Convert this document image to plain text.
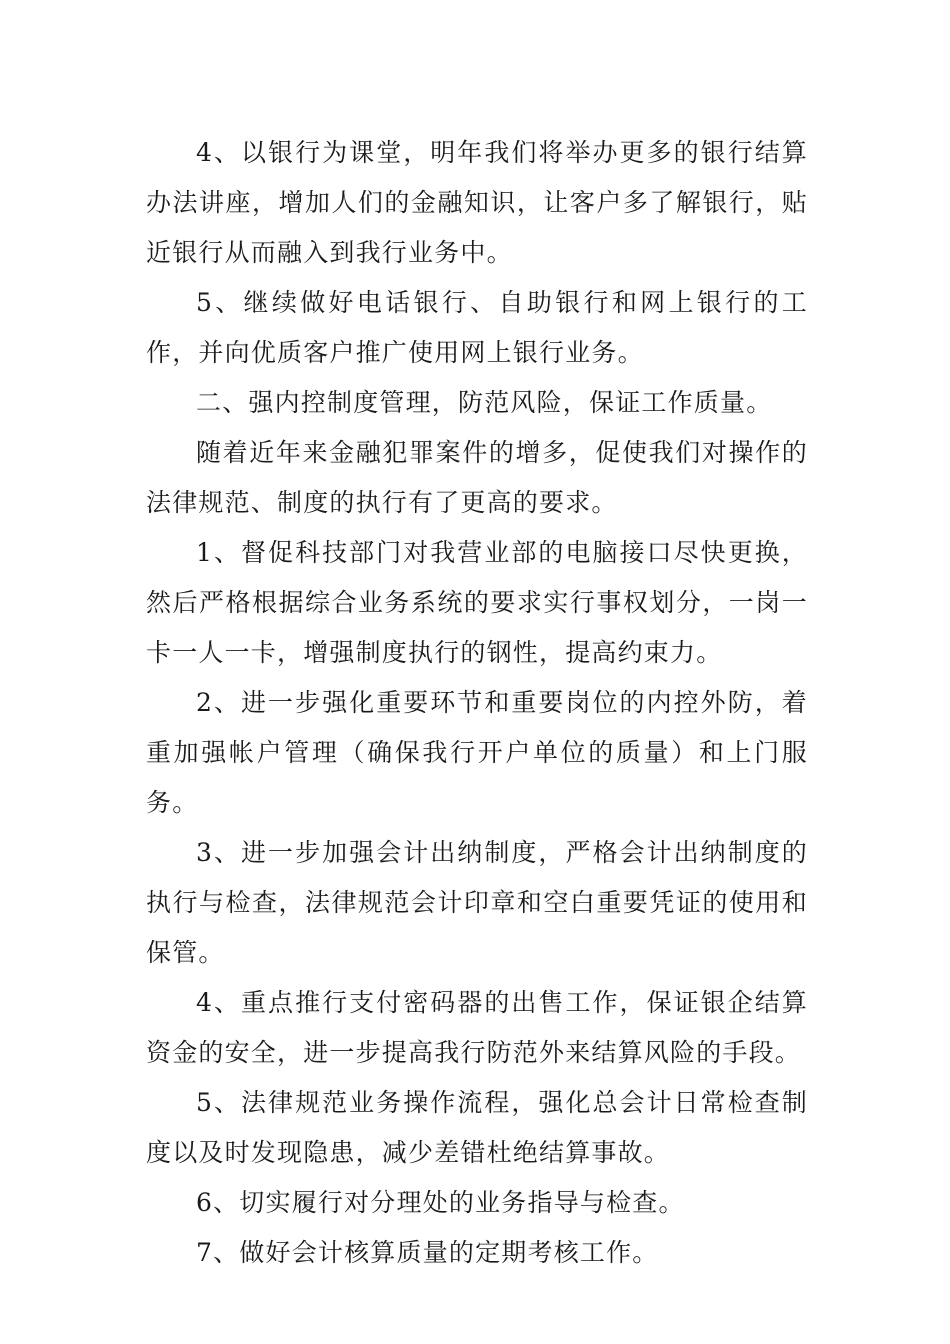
4、以银行为课堂，明年我们将举办更多的银行结算办法讲座，增加人们的金融知识，让客户多了解银行，贴近银行从而融入到我行业务中。

5、继续做好电话银行、自助银行和网上银行的工作，并向优质客户推广使用网上银行业务。

二、强内控制度管理，防范风险，保证工作质量。

随着近年来金融犯罪案件的增多，促使我们对操作的法律规范、制度的执行有了更高的要求。

1、督促科技部门对我营业部的电脑接口尽快更换，然后严格根据综合业务系统的要求实行事权划分，一岗一卡一人一卡，增强制度执行的钢性，提高约束力。

2、进一步强化重要环节和重要岗位的内控外防，着重加强帐户管理（确保我行开户单位的质量）和上门服务。

3、进一步加强会计出纳制度，严格会计出纳制度的执行与检查，法律规范会计印章和空白重要凭证的使用和保管。

4、重点推行支付密码器的出售工作，保证银企结算资金的安全，进一步提高我行防范外来结算风险的手段。

5、法律规范业务操作流程，强化总会计日常检查制度以及时发现隐患，减少差错杜绝结算事故。

6、切实履行对分理处的业务指导与检查。

7、做好会计核算质量的定期考核工作。
